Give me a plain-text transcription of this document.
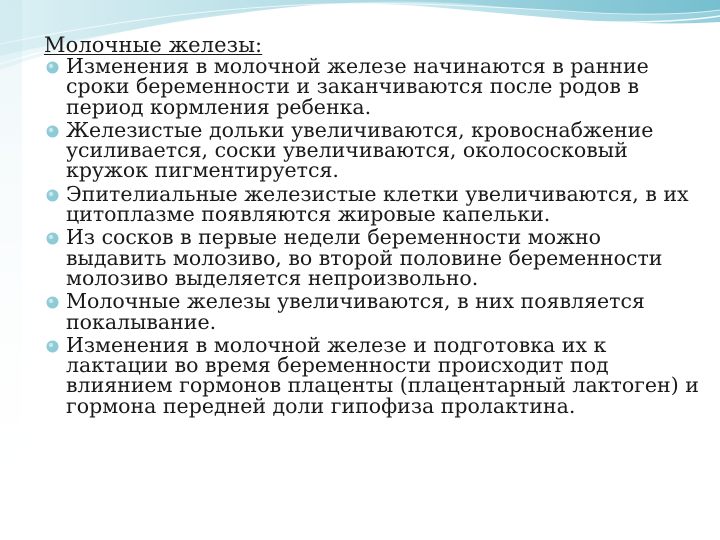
Молочные железы:
Изменения в молочной железе начинаются в ранние сроки беременности и заканчиваются после родов в период кормления ребенка.
Железистые дольки увеличиваются, кровоснабжение усиливается, соски увеличиваются, околососковый кружок пигментируется.
Эпителиальные железистые клетки увеличиваются, в их цитоплазме появляются жировые капельки.
Из сосков в первые недели беременности можно выдавить молозиво, во второй половине беременности молозиво выделяется непроизвольно.
Молочные железы увеличиваются, в них появляется покалывание.
Изменения в молочной железе и подготовка их к лактации во время беременности происходит под влиянием гормонов плаценты (плацентарный лактоген) и гормона передней доли гипофиза пролактина.
